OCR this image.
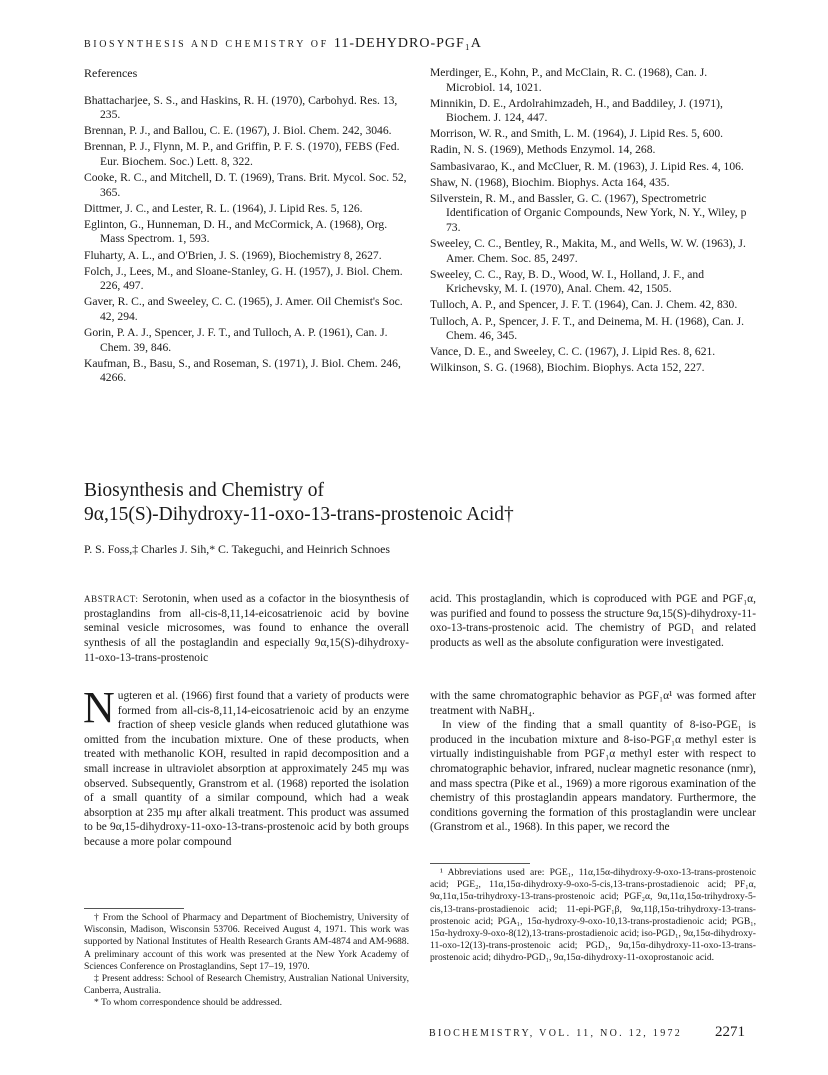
BIOSYNTHESIS AND CHEMISTRY OF 11-DEHYDRO-PGF₁Α
References
Bhattacharjee, S. S., and Haskins, R. H. (1970), Carbohyd. Res. 13, 235.
Brennan, P. J., and Ballou, C. E. (1967), J. Biol. Chem. 242, 3046.
Brennan, P. J., Flynn, M. P., and Griffin, P. F. S. (1970), FEBS (Fed. Eur. Biochem. Soc.) Lett. 8, 322.
Cooke, R. C., and Mitchell, D. T. (1969), Trans. Brit. Mycol. Soc. 52, 365.
Dittmer, J. C., and Lester, R. L. (1964), J. Lipid Res. 5, 126.
Eglinton, G., Hunneman, D. H., and McCormick, A. (1968), Org. Mass Spectrom. 1, 593.
Fluharty, A. L., and O'Brien, J. S. (1969), Biochemistry 8, 2627.
Folch, J., Lees, M., and Sloane-Stanley, G. H. (1957), J. Biol. Chem. 226, 497.
Gaver, R. C., and Sweeley, C. C. (1965), J. Amer. Oil Chemist's Soc. 42, 294.
Gorin, P. A. J., Spencer, J. F. T., and Tulloch, A. P. (1961), Can. J. Chem. 39, 846.
Kaufman, B., Basu, S., and Roseman, S. (1971), J. Biol. Chem. 246, 4266.
Merdinger, E., Kohn, P., and McClain, R. C. (1968), Can. J. Microbiol. 14, 1021.
Minnikin, D. E., Ardolrahimzadeh, H., and Baddiley, J. (1971), Biochem. J. 124, 447.
Morrison, W. R., and Smith, L. M. (1964), J. Lipid Res. 5, 600.
Radin, N. S. (1969), Methods Enzymol. 14, 268.
Sambasivarao, K., and McCluer, R. M. (1963), J. Lipid Res. 4, 106.
Shaw, N. (1968), Biochim. Biophys. Acta 164, 435.
Silverstein, R. M., and Bassler, G. C. (1967), Spectrometric Identification of Organic Compounds, New York, N. Y., Wiley, p 73.
Sweeley, C. C., Bentley, R., Makita, M., and Wells, W. W. (1963), J. Amer. Chem. Soc. 85, 2497.
Sweeley, C. C., Ray, B. D., Wood, W. I., Holland, J. F., and Krichevsky, M. I. (1970), Anal. Chem. 42, 1505.
Tulloch, A. P., and Spencer, J. F. T. (1964), Can. J. Chem. 42, 830.
Tulloch, A. P., Spencer, J. F. T., and Deinema, M. H. (1968), Can. J. Chem. 46, 345.
Vance, D. E., and Sweeley, C. C. (1967), J. Lipid Res. 8, 621.
Wilkinson, S. G. (1968), Biochim. Biophys. Acta 152, 227.
Biosynthesis and Chemistry of
9α,15(S)-Dihydroxy-11-oxo-13-trans-prostenoic Acid†
P. S. Foss,‡ Charles J. Sih,* C. Takeguchi, and Heinrich Schnoes
ABSTRACT: Serotonin, when used as a cofactor in the biosynthesis of prostaglandins from all-cis-8,11,14-eicosatrienoic acid by bovine seminal vesicle microsomes, was found to enhance the overall synthesis of all the postaglandin and especially 9α,15(S)-dihydroxy-11-oxo-13-trans-prostenoic
acid. This prostaglandin, which is coproduced with PGE and PGF₁α, was purified and found to possess the structure 9α,15(S)-dihydroxy-11-oxo-13-trans-prostenoic acid. The chemistry of PGD₁ and related products as well as the absolute configuration were investigated.

Nugteren et al. (1966) first found that a variety of products were formed from all-cis-8,11,14-eicosatrienoic acid by an enzyme fraction of sheep vesicle glands when reduced glutathione was omitted from the incubation mixture. One of these products, when treated with methanolic KOH, resulted in rapid decomposition and a small increase in ultraviolet absorption at approximately 245 mμ was observed. Subsequently, Granstrom et al. (1968) reported the isolation of a small quantity of a similar compound, which had a weak absorption at 235 mμ after alkali treatment. This product was assumed to be 9α,15-dihydroxy-11-oxo-13-trans-prostenoic acid by both groups because a more polar compound

with the same chromatographic behavior as PGF₁α¹ was formed after treatment with NaBH₄.

In view of the finding that a small quantity of 8-iso-PGE₁ is produced in the incubation mixture and 8-iso-PGF₁α methyl ester is virtually indistinguishable from PGF₁α methyl ester with respect to chromatographic behavior, infrared, nuclear magnetic resonance (nmr), and mass spectra (Pike et al., 1969) a more rigorous examination of the chemistry of this prostaglandin appears mandatory. Furthermore, the conditions governing the formation of this prostaglandin were unclear (Granstrom et al., 1968). In this paper, we record the

† From the School of Pharmacy and Department of Biochemistry, University of Wisconsin, Madison, Wisconsin 53706. Received August 4, 1971. This work was supported by National Institutes of Health Research Grants AM-4874 and AM-9688. A preliminary account of this work was presented at the New York Academy of Sciences Conference on Prostaglandins, Sept 17–19, 1970.

‡ Present address: School of Research Chemistry, Australian National University, Canberra, Australia.

* To whom correspondence should be addressed.

¹ Abbreviations used are: PGE₁, 11α,15α-dihydroxy-9-oxo-13-trans-prostenoic acid; PGE₂, 11α,15α-dihydroxy-9-oxo-5-cis,13-trans-prostadienoic acid; PF₁α, 9α,11α,15α-trihydroxy-13-trans-prostenoic acid; PGF₂α, 9α,11α,15α-trihydroxy-5-cis,13-trans-prostadienoic acid; 11-epi-PGF₁β, 9α,11β,15α-trihydroxy-13-trans-prostenoic acid; PGA₁, 15α-hydroxy-9-oxo-10,13-trans-prostadienoic acid; PGB₁, 15α-hydroxy-9-oxo-8(12),13-trans-prostadienoic acid; iso-PGD₁, 9α,15α-dihydroxy-11-oxo-12(13)-trans-prostenoic acid; PGD₁, 9α,15α-dihydroxy-11-oxo-13-trans-prostenoic acid; dihydro-PGD₁, 9α,15α-dihydroxy-11-oxoprostanoic acid.

BIOCHEMISTRY, VOL. 11, NO. 12, 1972 2271
